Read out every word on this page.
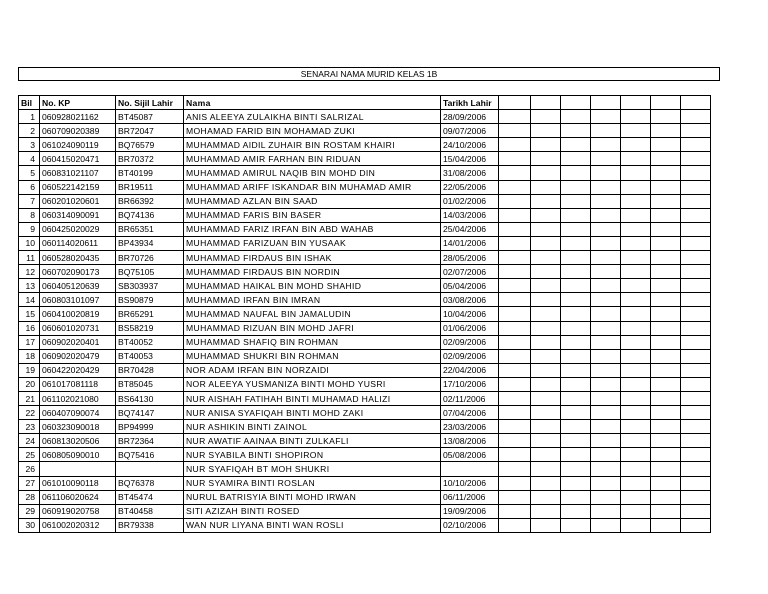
SENARAI NAMA MURID KELAS 1B
Bil	No. KP	No. Sijil Lahir	Nama	Tarikh Lahir							
1	060928021162	BT45087	ANIS ALEEYA ZULAIKHA BINTI SALRIZAL	28/09/2006							
2	060709020389	BR72047	MOHAMAD FARID BIN MOHAMAD ZUKI	09/07/2006							
3	061024090119	BQ76579	MUHAMMAD AIDIL ZUHAIR BIN ROSTAM KHAIRI	24/10/2006							
4	060415020471	BR70372	MUHAMMAD AMIR FARHAN BIN RIDUAN	15/04/2006							
5	060831021107	BT40199	MUHAMMAD AMIRUL NAQIB BIN MOHD DIN	31/08/2006							
6	060522142159	BR19511	MUHAMMAD ARIFF ISKANDAR BIN MUHAMAD AMIR	22/05/2006							
7	060201020601	BR66392	MUHAMMAD AZLAN BIN SAAD	01/02/2006							
8	060314090091	BQ74136	MUHAMMAD FARIS BIN BASER	14/03/2006							
9	060425020029	BR65351	MUHAMMAD FARIZ IRFAN BIN ABD WAHAB	25/04/2006							
10	060114020611	BP43934	MUHAMMAD FARIZUAN BIN YUSAAK	14/01/2006							
11	060528020435	BR70726	MUHAMMAD FIRDAUS BIN ISHAK	28/05/2006							
12	060702090173	BQ75105	MUHAMMAD FIRDAUS BIN NORDIN	02/07/2006							
13	060405120639	SB303937	MUHAMMAD HAIKAL BIN MOHD SHAHID	05/04/2006							
14	060803101097	BS90879	MUHAMMAD IRFAN BIN IMRAN	03/08/2006							
15	060410020819	BR65291	MUHAMMAD NAUFAL BIN JAMALUDIN	10/04/2006							
16	060601020731	BS58219	MUHAMMAD RIZUAN BIN MOHD JAFRI	01/06/2006							
17	060902020401	BT40052	MUHAMMAD SHAFIQ BIN ROHMAN	02/09/2006							
18	060902020479	BT40053	MUHAMMAD SHUKRI BIN ROHMAN	02/09/2006							
19	060422020429	BR70428	NOR ADAM IRFAN BIN NORZAIDI	22/04/2006							
20	061017081118	BT85045	NOR ALEEYA YUSMANIZA BINTI MOHD YUSRI	17/10/2006							
21	061102021080	BS64130	NUR AISHAH FATIHAH BINTI MUHAMAD HALIZI	02/11/2006							
22	060407090074	BQ74147	NUR ANISA SYAFIQAH BINTI MOHD ZAKI	07/04/2006							
23	060323090018	BP94999	NUR ASHIKIN BINTI ZAINOL	23/03/2006							
24	060813020506	BR72364	NUR AWATIF AAINAA BINTI ZULKAFLI	13/08/2006							
25	060805090010	BQ75416	NUR SYABILA BINTI SHOPIRON	05/08/2006							
26			NUR SYAFIQAH BT MOH SHUKRI								
27	061010090118	BQ76378	NUR SYAMIRA BINTI ROSLAN	10/10/2006							
28	061106020624	BT45474	NURUL BATRISYIA BINTI MOHD IRWAN	06/11/2006							
29	060919020758	BT40458	SITI AZIZAH BINTI ROSED	19/09/2006							
30	061002020312	BR79338	WAN NUR LIYANA BINTI WAN ROSLI	02/10/2006							
